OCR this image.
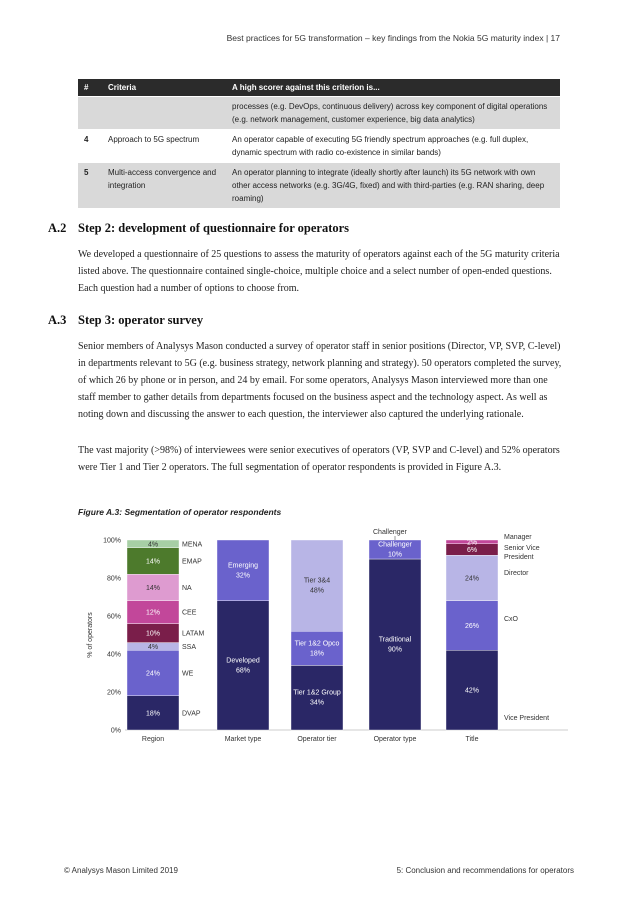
Best practices for 5G transformation – key findings from the Nokia 5G maturity index | 17
#	Criteria	A high scorer against this criterion is...

		processes (e.g. DevOps, continuous delivery) across key component of digital operations
(e.g. network management, customer experience, big data analytics)

4	Approach to 5G spectrum	An operator capable of executing 5G friendly spectrum approaches (e.g. full duplex,
dynamic spectrum with radio co-existence in similar bands)

5	Multi-access convergence and integration	An operator planning to integrate (ideally shortly after launch) its 5G network with own
other access networks (e.g. 3G/4G, fixed) and with third-parties (e.g. RAN sharing, deep
roaming)
A.2 Step 2: development of questionnaire for operators

We developed a questionnaire of 25 questions to assess the maturity of operators against each of the 5G maturity criteria listed above. The questionnaire contained single-choice, multiple choice and a select number of open-ended questions. Each question had a number of options to choose from.

A.3 Step 3: operator survey

Senior members of Analysys Mason conducted a survey of operator staff in senior positions (Director, VP, SVP, C-level) in departments relevant to 5G (e.g. business strategy, network planning and strategy). 50 operators completed the survey, of which 26 by phone or in person, and 24 by email. For some operators, Analysys Mason interviewed more than one staff member to gather details from departments focused on the business aspect and the technology aspect. As well as noting down and discussing the answer to each question, the interviewer also captured the underlying rationale.

The vast majority (>98%) of interviewees were senior executives of operators (VP, SVP and C-level) and 52% operators were Tier 1 and Tier 2 operators. The full segmentation of operator respondents is provided in Figure A.3.

Figure A.3: Segmentation of operator respondents
% of operators
0%
20%
40%
60%
80%
100%
18%	DVAP
24%	WE
4%	SSA
10%	LATAM
12%	CEE
14%	NA
14%	EMAP
4%	MENA
Region
Developed
68%
Emerging
32%
Market type
Tier 1&2 Group
34%
Tier 1&2 Opco
18%
Tier 3&4
48%
Operator tier
Traditional
90%
Challenger
10%
Operator type
42%
26%
24%
6%
2%
Title
Vice President
CxO
Director
Senior Vice
President
Manager
Challenger
© Analysys Mason Limited 2019	5: Conclusion and recommendations for operators
